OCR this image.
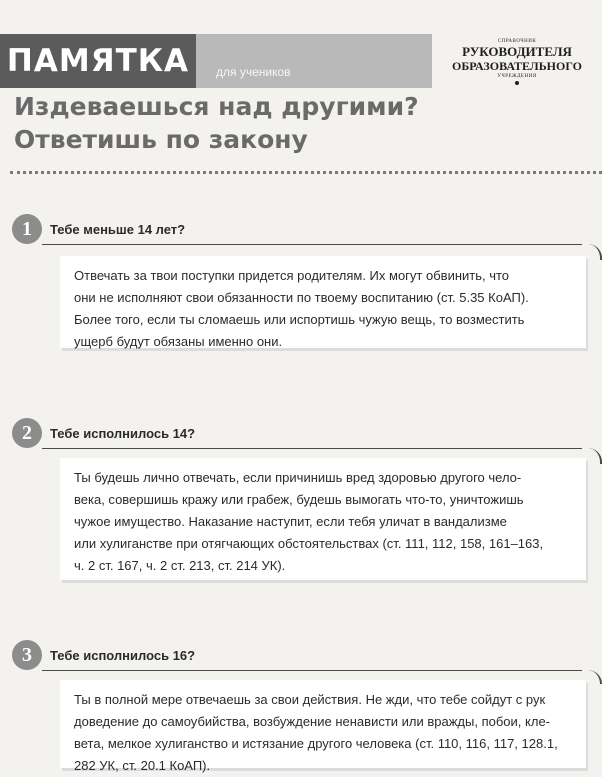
ПАМЯТКА	для учеников
СПРАВОЧНИК
РУКОВОДИТЕЛЯ
ОБРАЗОВАТЕЛЬНОГО
УЧРЕЖДЕНИЯ
Издеваешься над другими?
Ответишь по закону
1	Тебе меньше 14 лет?

Отвечать за твои поступки придется родителям. Их могут обвинить, что
они не исполняют свои обязанности по твоему воспитанию (ст. 5.35 КоАП).
Более того, если ты сломаешь или испортишь чужую вещь, то возместить
ущерб будут обязаны именно они.

2	Тебе исполнилось 14?

Ты будешь лично отвечать, если причинишь вред здоровью другого чело-
века, совершишь кражу или грабеж, будешь вымогать что-то, уничтожишь
чужое имущество. Наказание наступит, если тебя уличат в вандализме
или хулиганстве при отягчающих обстоятельствах (ст. 111, 112, 158, 161–163,
ч. 2 ст. 167, ч. 2 ст. 213, ст. 214 УК).

3	Тебе исполнилось 16?

Ты в полной мере отвечаешь за свои действия. Не жди, что тебе сойдут с рук
доведение до самоубийства, возбуждение ненависти или вражды, побои, кле-
вета, мелкое хулиганство и истязание другого человека (ст. 110, 116, 117, 128.1,
282 УК, ст. 20.1 КоАП).
